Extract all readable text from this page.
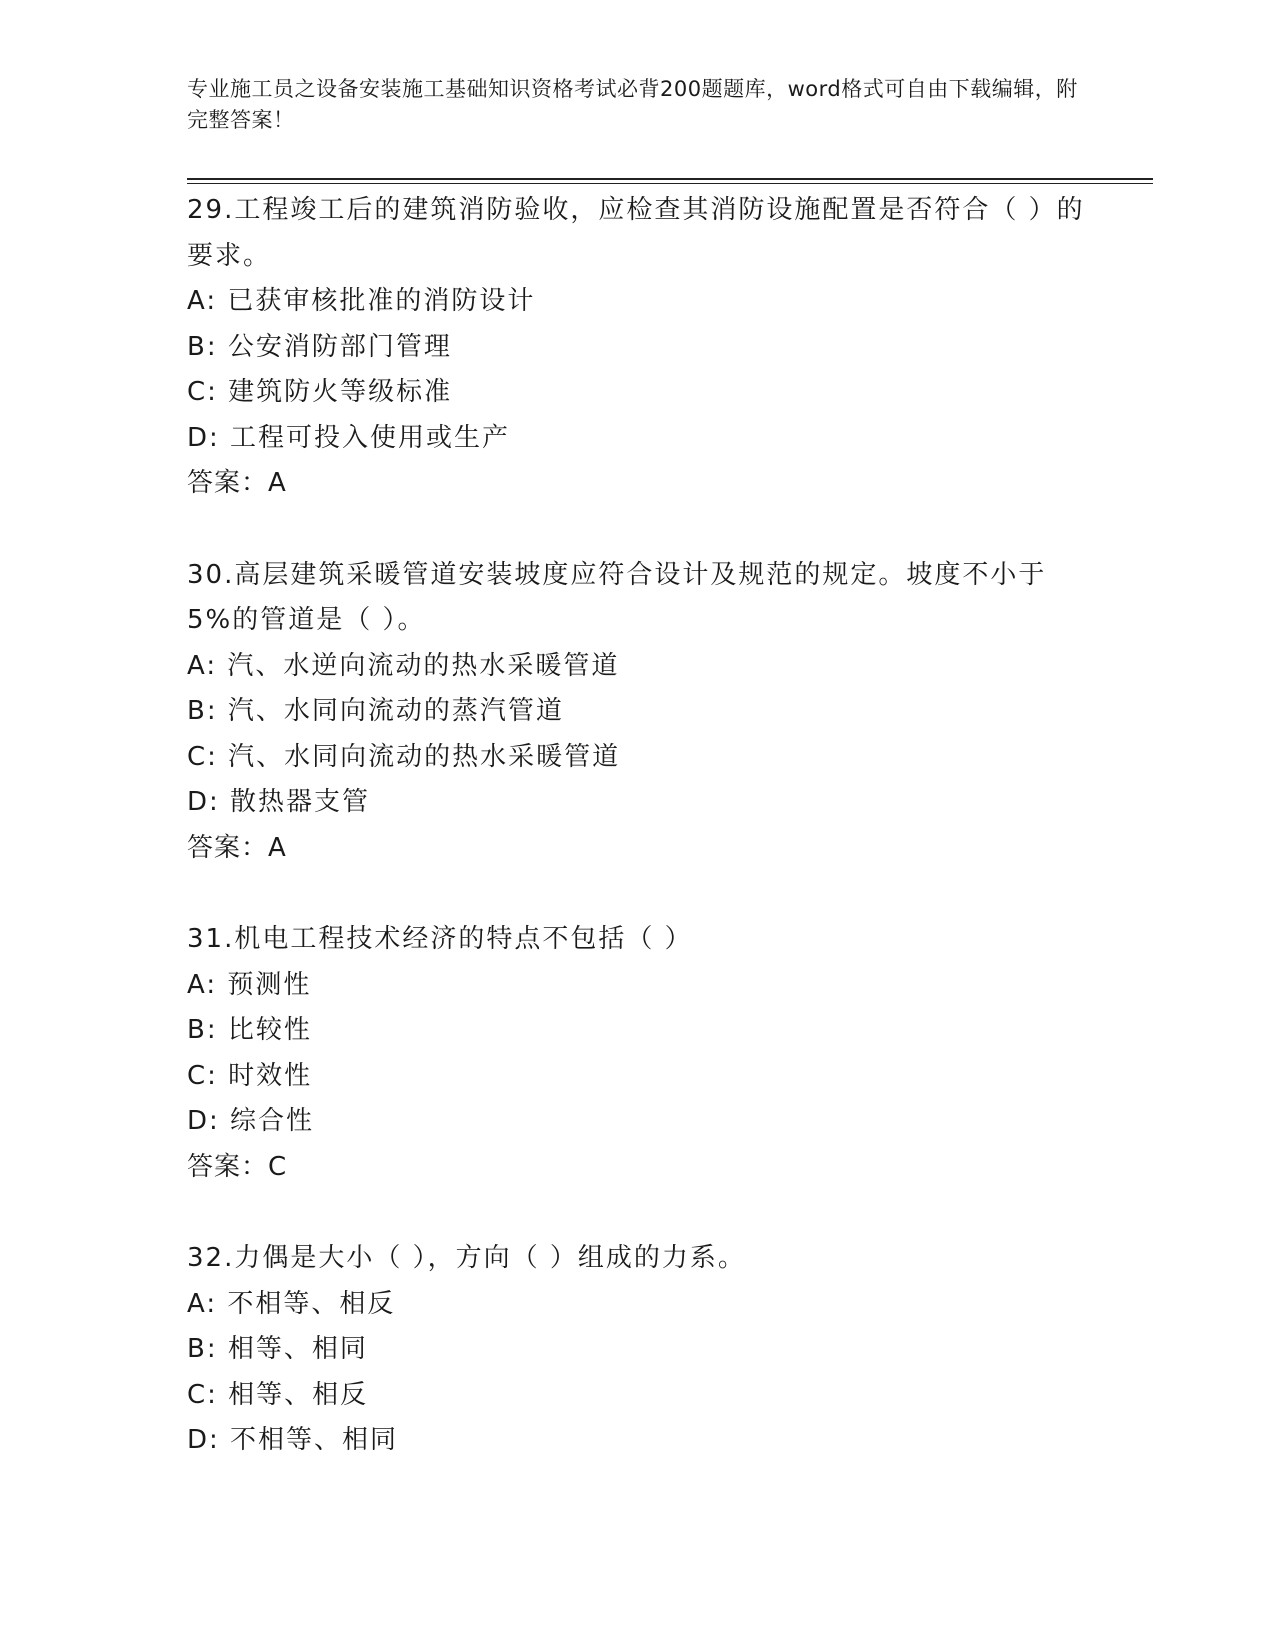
专业施工员之设备安装施工基础知识资格考试必背200题题库，word格式可自由下载编辑，附完整答案！

29.工程竣工后的建筑消防验收，应检查其消防设施配置是否符合（ ）的要求。

A: 已获审核批准的消防设计

B: 公安消防部门管理

C: 建筑防火等级标准

D: 工程可投入使用或生产

答案：A

30.高层建筑采暖管道安装坡度应符合设计及规范的规定。坡度不小于5%的管道是（ ）。

A: 汽、水逆向流动的热水采暖管道

B: 汽、水同向流动的蒸汽管道

C: 汽、水同向流动的热水采暖管道

D: 散热器支管

答案：A

31.机电工程技术经济的特点不包括（ ）

A: 预测性

B: 比较性

C: 时效性

D: 综合性

答案：C

32.力偶是大小（ ），方向（ ）组成的力系。

A: 不相等、相反

B: 相等、相同

C: 相等、相反

D: 不相等、相同
